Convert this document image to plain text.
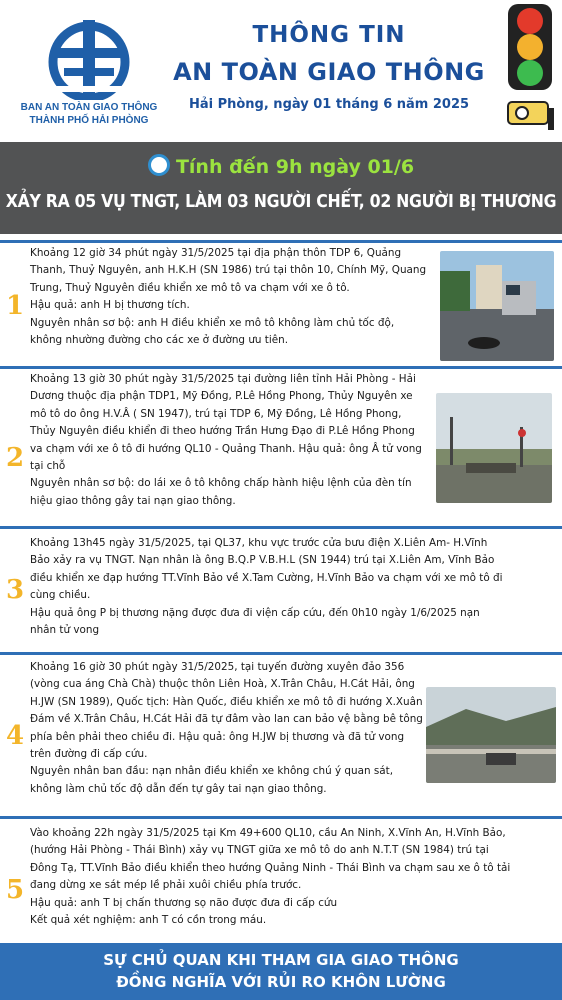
BAN AN TOÀN GIAO THÔNG
THÀNH PHỐ HẢI PHÒNG
THÔNG TIN
AN TOÀN GIAO THÔNG
Hải Phòng, ngày 01 tháng 6 năm 2025
Tính đến 9h ngày 01/6
XẢY RA 05 VỤ TNGT, LÀM 03 NGƯỜI CHẾT, 02 NGƯỜI BỊ THƯƠNG
1

Khoảng 12 giờ 34 phút ngày 31/5/2025 tại địa phận thôn TDP 6, Quảng

Thanh, Thuỷ Nguyên, anh H.K.H (SN 1986) trú tại thôn 10, Chính Mỹ, Quang

Trung, Thuỷ Nguyên điều khiển xe mô tô va chạm với xe ô tô.

Hậu quả: anh H bị thương tích.

Nguyên nhân sơ bộ: anh H điều khiển xe mô tô không làm chủ tốc độ,

không nhường đường cho các xe ở đường ưu tiên.

2

Khoảng 13 giờ 30 phút ngày 31/5/2025 tại đường liên tỉnh Hải Phòng - Hải

Dương thuộc địa phận TDP1, Mỹ Đồng, P.Lê Hồng Phong, Thủy Nguyên xe

mô tô do ông H.V.Â ( SN 1947), trú tại TDP 6, Mỹ Đồng, Lê Hồng Phong,

Thủy Nguyên điều khiển đi theo hướng Trần Hưng Đạo đi P.Lê Hồng Phong

va chạm với xe ô tô đi hướng QL10 - Quảng Thanh. Hậu quả: ông Â tử vong

tại chỗ

Nguyên nhân sơ bộ: do lái xe ô tô không chấp hành hiệu lệnh của đèn tín

hiệu giao thông gây tai nạn giao thông.

3

Khoảng 13h45 ngày 31/5/2025, tại QL37, khu vực trước cửa bưu điện X.Liên Am- H.Vĩnh

Bảo xảy ra vụ TNGT. Nạn nhân là ông B.Q.P V.B.H.L (SN 1944) trú tại X.Liên Am, Vĩnh Bảo

điều khiển xe đạp hướng TT.Vĩnh Bảo về X.Tam Cường, H.Vĩnh Bảo va chạm với xe mô tô đi

cùng chiều.

Hậu quả ông P bị thương nặng được đưa đi viện cấp cứu, đến 0h10 ngày 1/6/2025 nạn

nhân tử vong

4

Khoảng 16 giờ 30 phút ngày 31/5/2025, tại tuyến đường xuyên đảo 356

(vòng cua áng Chà Chà) thuộc thôn Liên Hoà, X.Trân Châu, H.Cát Hải, ông

H.JW (SN 1989), Quốc tịch: Hàn Quốc, điều khiển xe mô tô đi hướng X.Xuân

Đám về X.Trân Châu, H.Cát Hải đã tự đâm vào lan can bảo vệ bằng bê tông

phía bên phải theo chiều đi. Hậu quả: ông H.JW bị thương và đã tử vong

trên đường đi cấp cứu.

Nguyên nhân ban đầu: nạn nhân điều khiển xe không chú ý quan sát,

không làm chủ tốc độ dẫn đến tự gây tai nạn giao thông.

5

Vào khoảng 22h ngày 31/5/2025 tại Km 49+600 QL10, cầu An Ninh, X.Vĩnh An, H.Vĩnh Bảo,

(hướng Hải Phòng - Thái Bình) xảy vụ TNGT giữa xe mô tô do anh N.T.T (SN 1984) trú tại

Đông Tạ, TT.Vĩnh Bảo điều khiển theo hướng Quảng Ninh - Thái Bình va chạm sau xe ô tô tải

đang dừng xe sát mép lề phải xuôi chiều phía trước.

Hậu quả: anh T bị chấn thương sọ não được đưa đi cấp cứu

Kết quả xét nghiệm: anh T có cồn trong máu.

SỰ CHỦ QUAN KHI THAM GIA GIAO THÔNG
ĐỒNG NGHĨA VỚI RỦI RO KHÔN LƯỜNG
